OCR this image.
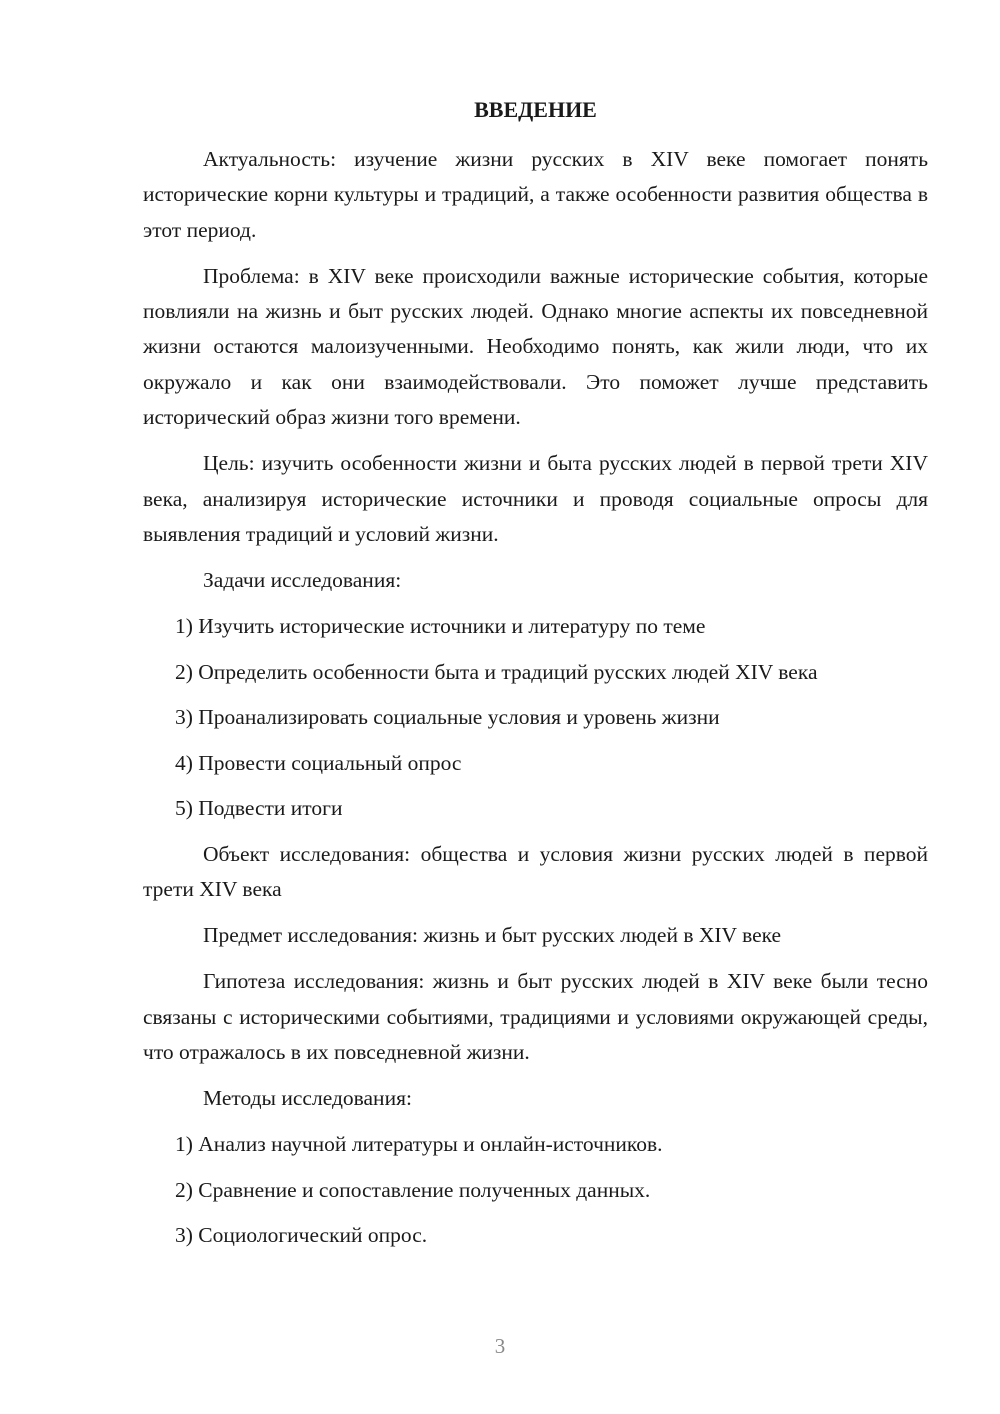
ВВЕДЕНИЕ

Актуальность: изучение жизни русских в XIV веке помогает понять исторические корни культуры и традиций, а также особенности развития общества в этот период.

Проблема: в XIV веке происходили важные исторические события, которые повлияли на жизнь и быт русских людей. Однако многие аспекты их повседневной жизни остаются малоизученными. Необходимо понять, как жили люди, что их окружало и как они взаимодействовали. Это поможет лучше представить исторический образ жизни того времени.

Цель: изучить особенности жизни и быта русских людей в первой трети XIV века, анализируя исторические источники и проводя социальные опросы для выявления традиций и условий жизни.

Задачи исследования:

1) Изучить исторические источники и литературу по теме
2) Определить особенности быта и традиций русских людей XIV века
3) Проанализировать социальные условия и уровень жизни
4) Провести социальный опрос
5) Подвести итоги

Объект исследования: общества и условия жизни русских людей в первой трети XIV века

Предмет исследования: жизнь и быт русских людей в XIV веке

Гипотеза исследования: жизнь и быт русских людей в XIV веке были тесно связаны с историческими событиями, традициями и условиями окружающей среды, что отражалось в их повседневной жизни.

Методы исследования:

1) Анализ научной литературы и онлайн-источников.
2) Сравнение и сопоставление полученных данных.
3) Социологический опрос.
3
